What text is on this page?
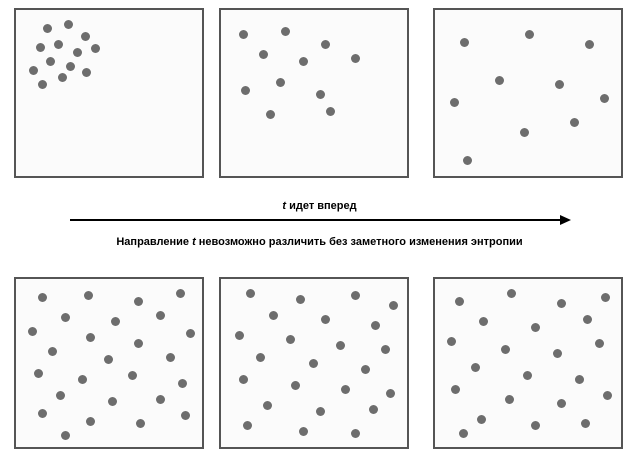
t идет вперед
Направление t невозможно различить без заметного изменения энтропии
